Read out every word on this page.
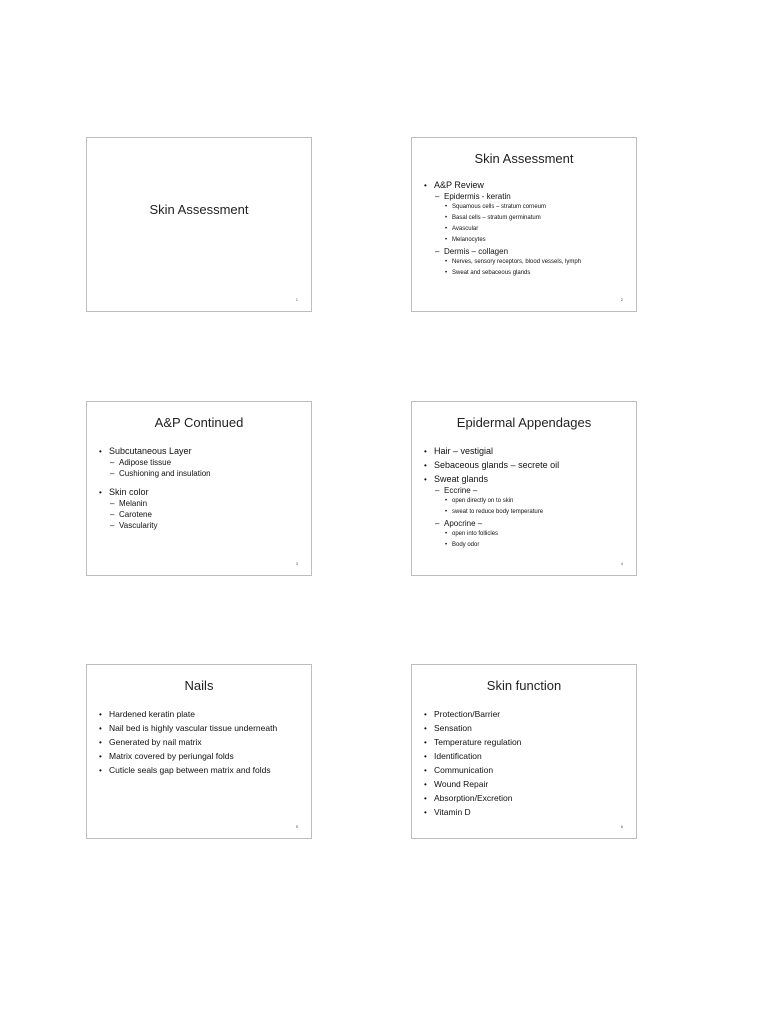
Skin Assessment
1
Skin Assessment
• A&P Review
– Epidermis - keratin
• Squamous cells – stratum corneum
• Basal cells – stratum germinatum
• Avascular
• Melanocytes
– Dermis – collagen
• Nerves, sensory receptors, blood vessels, lymph
• Sweat and sebaceous glands
2
A&P Continued
• Subcutaneous Layer
– Adipose tissue
– Cushioning and insulation
• Skin color
– Melanin
– Carotene
– Vascularity
3
Epidermal Appendages
• Hair – vestigial
• Sebaceous glands – secrete oil
• Sweat glands
– Eccrine –
• open directly on to skin
• sweat to reduce body temperature
– Apocrine –
• open into follicles
• Body odor
4
Nails
• Hardened keratin plate
• Nail bed is highly vascular tissue underneath
• Generated by nail matrix
• Matrix covered by periungal folds
• Cuticle seals gap between matrix and folds
5
Skin function
• Protection/Barrier
• Sensation
• Temperature regulation
• Identification
• Communication
• Wound Repair
• Absorption/Excretion
• Vitamin D
6
